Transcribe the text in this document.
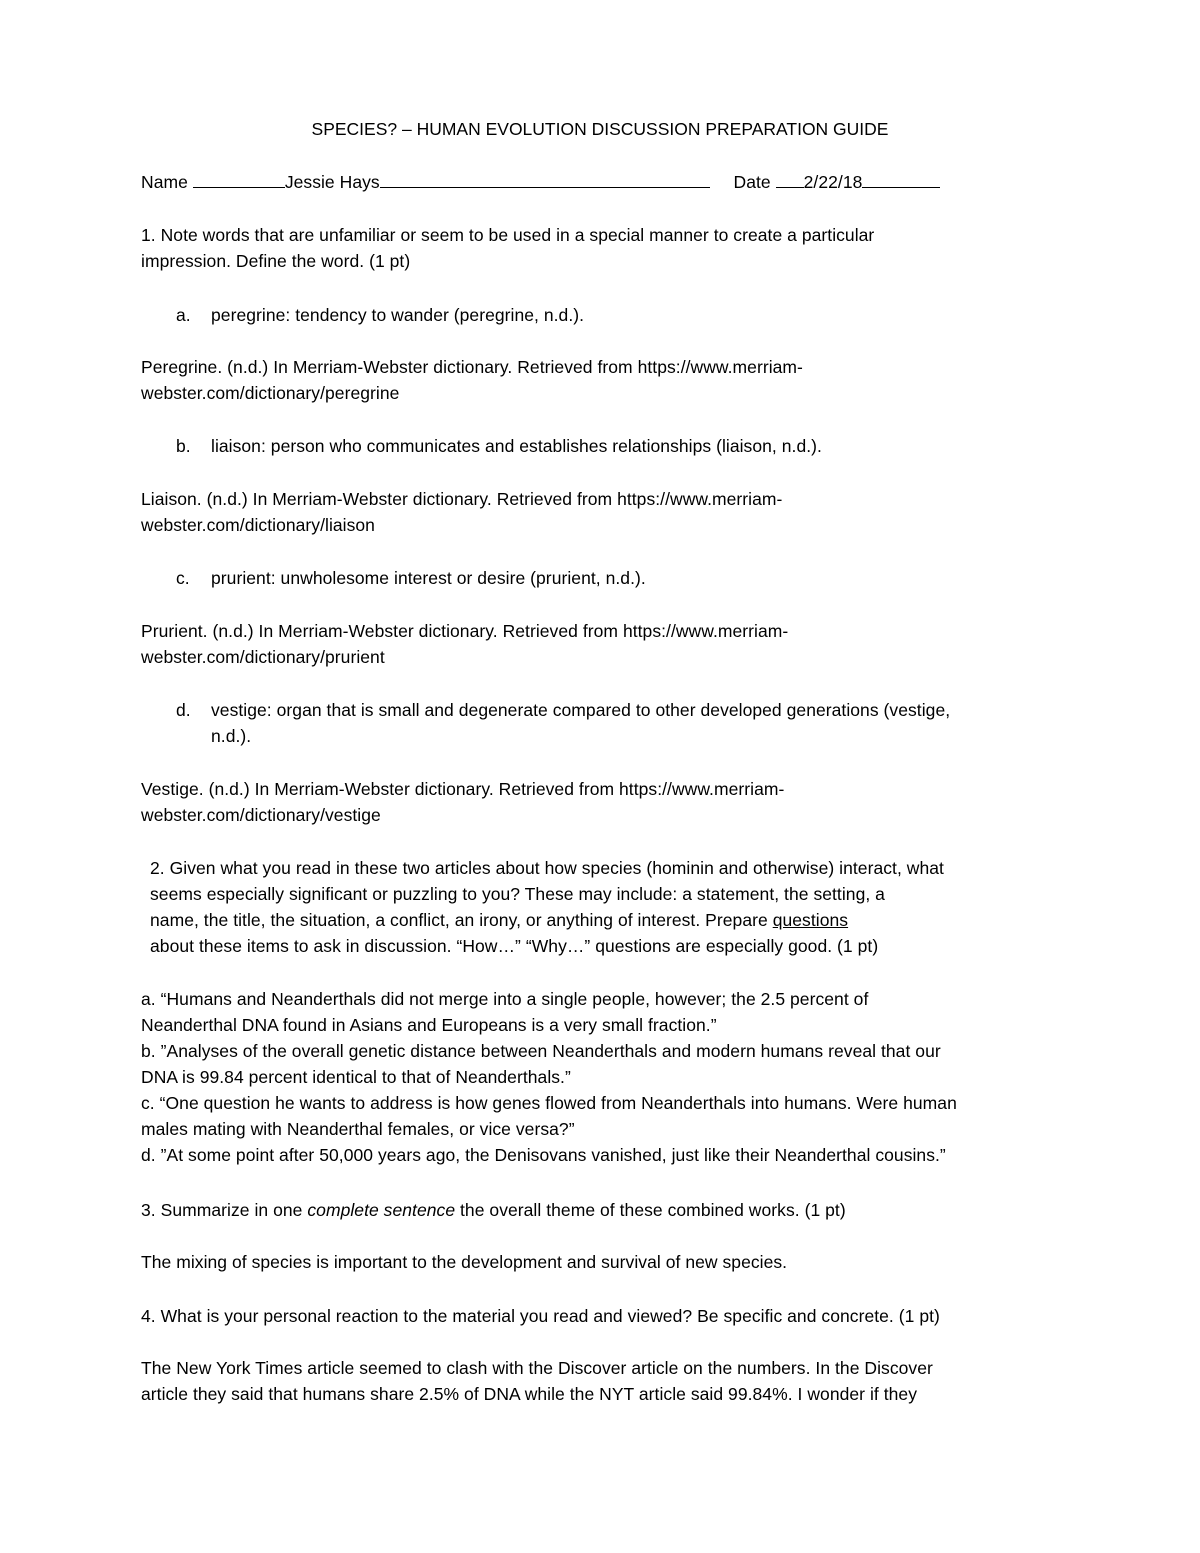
SPECIES? – HUMAN EVOLUTION DISCUSSION PREPARATION GUIDE
Name	Jessie Hays	Date 2/22/18
1. Note words that are unfamiliar or seem to be used in a special manner to create a particular
impression. Define the word. (1 pt)
a. peregrine: tendency to wander (peregrine, n.d.).
Peregrine. (n.d.) In Merriam-Webster dictionary. Retrieved from https://www.merriam-
webster.com/dictionary/peregrine
b. liaison: person who communicates and establishes relationships (liaison, n.d.).
Liaison. (n.d.) In Merriam-Webster dictionary. Retrieved from https://www.merriam-
webster.com/dictionary/liaison
c. prurient: unwholesome interest or desire (prurient, n.d.).
Prurient. (n.d.) In Merriam-Webster dictionary. Retrieved from https://www.merriam-
webster.com/dictionary/prurient
d. vestige: organ that is small and degenerate compared to other developed generations (vestige,
n.d.).
Vestige. (n.d.) In Merriam-Webster dictionary. Retrieved from https://www.merriam-
webster.com/dictionary/vestige
2. Given what you read in these two articles about how species (hominin and otherwise) interact, what
seems especially significant or puzzling to you? These may include: a statement, the setting, a
name, the title, the situation, a conflict, an irony, or anything of interest. Prepare questions
about these items to ask in discussion. “How…” “Why…” questions are especially good. (1 pt)
a. “Humans and Neanderthals did not merge into a single people, however; the 2.5 percent of
Neanderthal DNA found in Asians and Europeans is a very small fraction.”
b. ”Analyses of the overall genetic distance between Neanderthals and modern humans reveal that our
DNA is 99.84 percent identical to that of Neanderthals.”
c. “One question he wants to address is how genes flowed from Neanderthals into humans. Were human
males mating with Neanderthal females, or vice versa?”
d. ”At some point after 50,000 years ago, the Denisovans vanished, just like their Neanderthal cousins.”
3. Summarize in one complete sentence the overall theme of these combined works. (1 pt)
The mixing of species is important to the development and survival of new species.
4. What is your personal reaction to the material you read and viewed? Be specific and concrete. (1 pt)
The New York Times article seemed to clash with the Discover article on the numbers. In the Discover
article they said that humans share 2.5% of DNA while the NYT article said 99.84%. I wonder if they
